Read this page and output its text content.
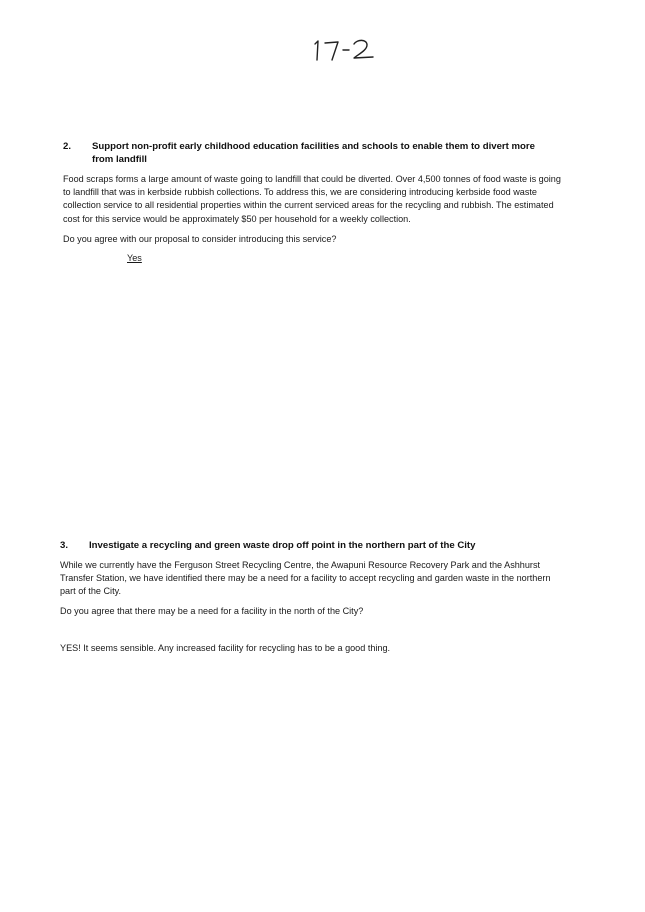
2. Support non-profit early childhood education facilities and schools to enable them to divert more
from landfill
Food scraps forms a large amount of waste going to landfill that could be diverted. Over 4,500 tonnes of food waste is going
to landfill that was in kerbside rubbish collections. To address this, we are considering introducing kerbside food waste
collection service to all residential properties within the current serviced areas for the recycling and rubbish. The estimated
cost for this service would be approximately $50 per household for a weekly collection.
Do you agree with our proposal to consider introducing this service?
Yes
3. Investigate a recycling and green waste drop off point in the northern part of the City
While we currently have the Ferguson Street Recycling Centre, the Awapuni Resource Recovery Park and the Ashhurst
Transfer Station, we have identified there may be a need for a facility to accept recycling and garden waste in the northern
part of the City.
Do you agree that there may be a need for a facility in the north of the City?
YES! It seems sensible. Any increased facility for recycling has to be a good thing.
